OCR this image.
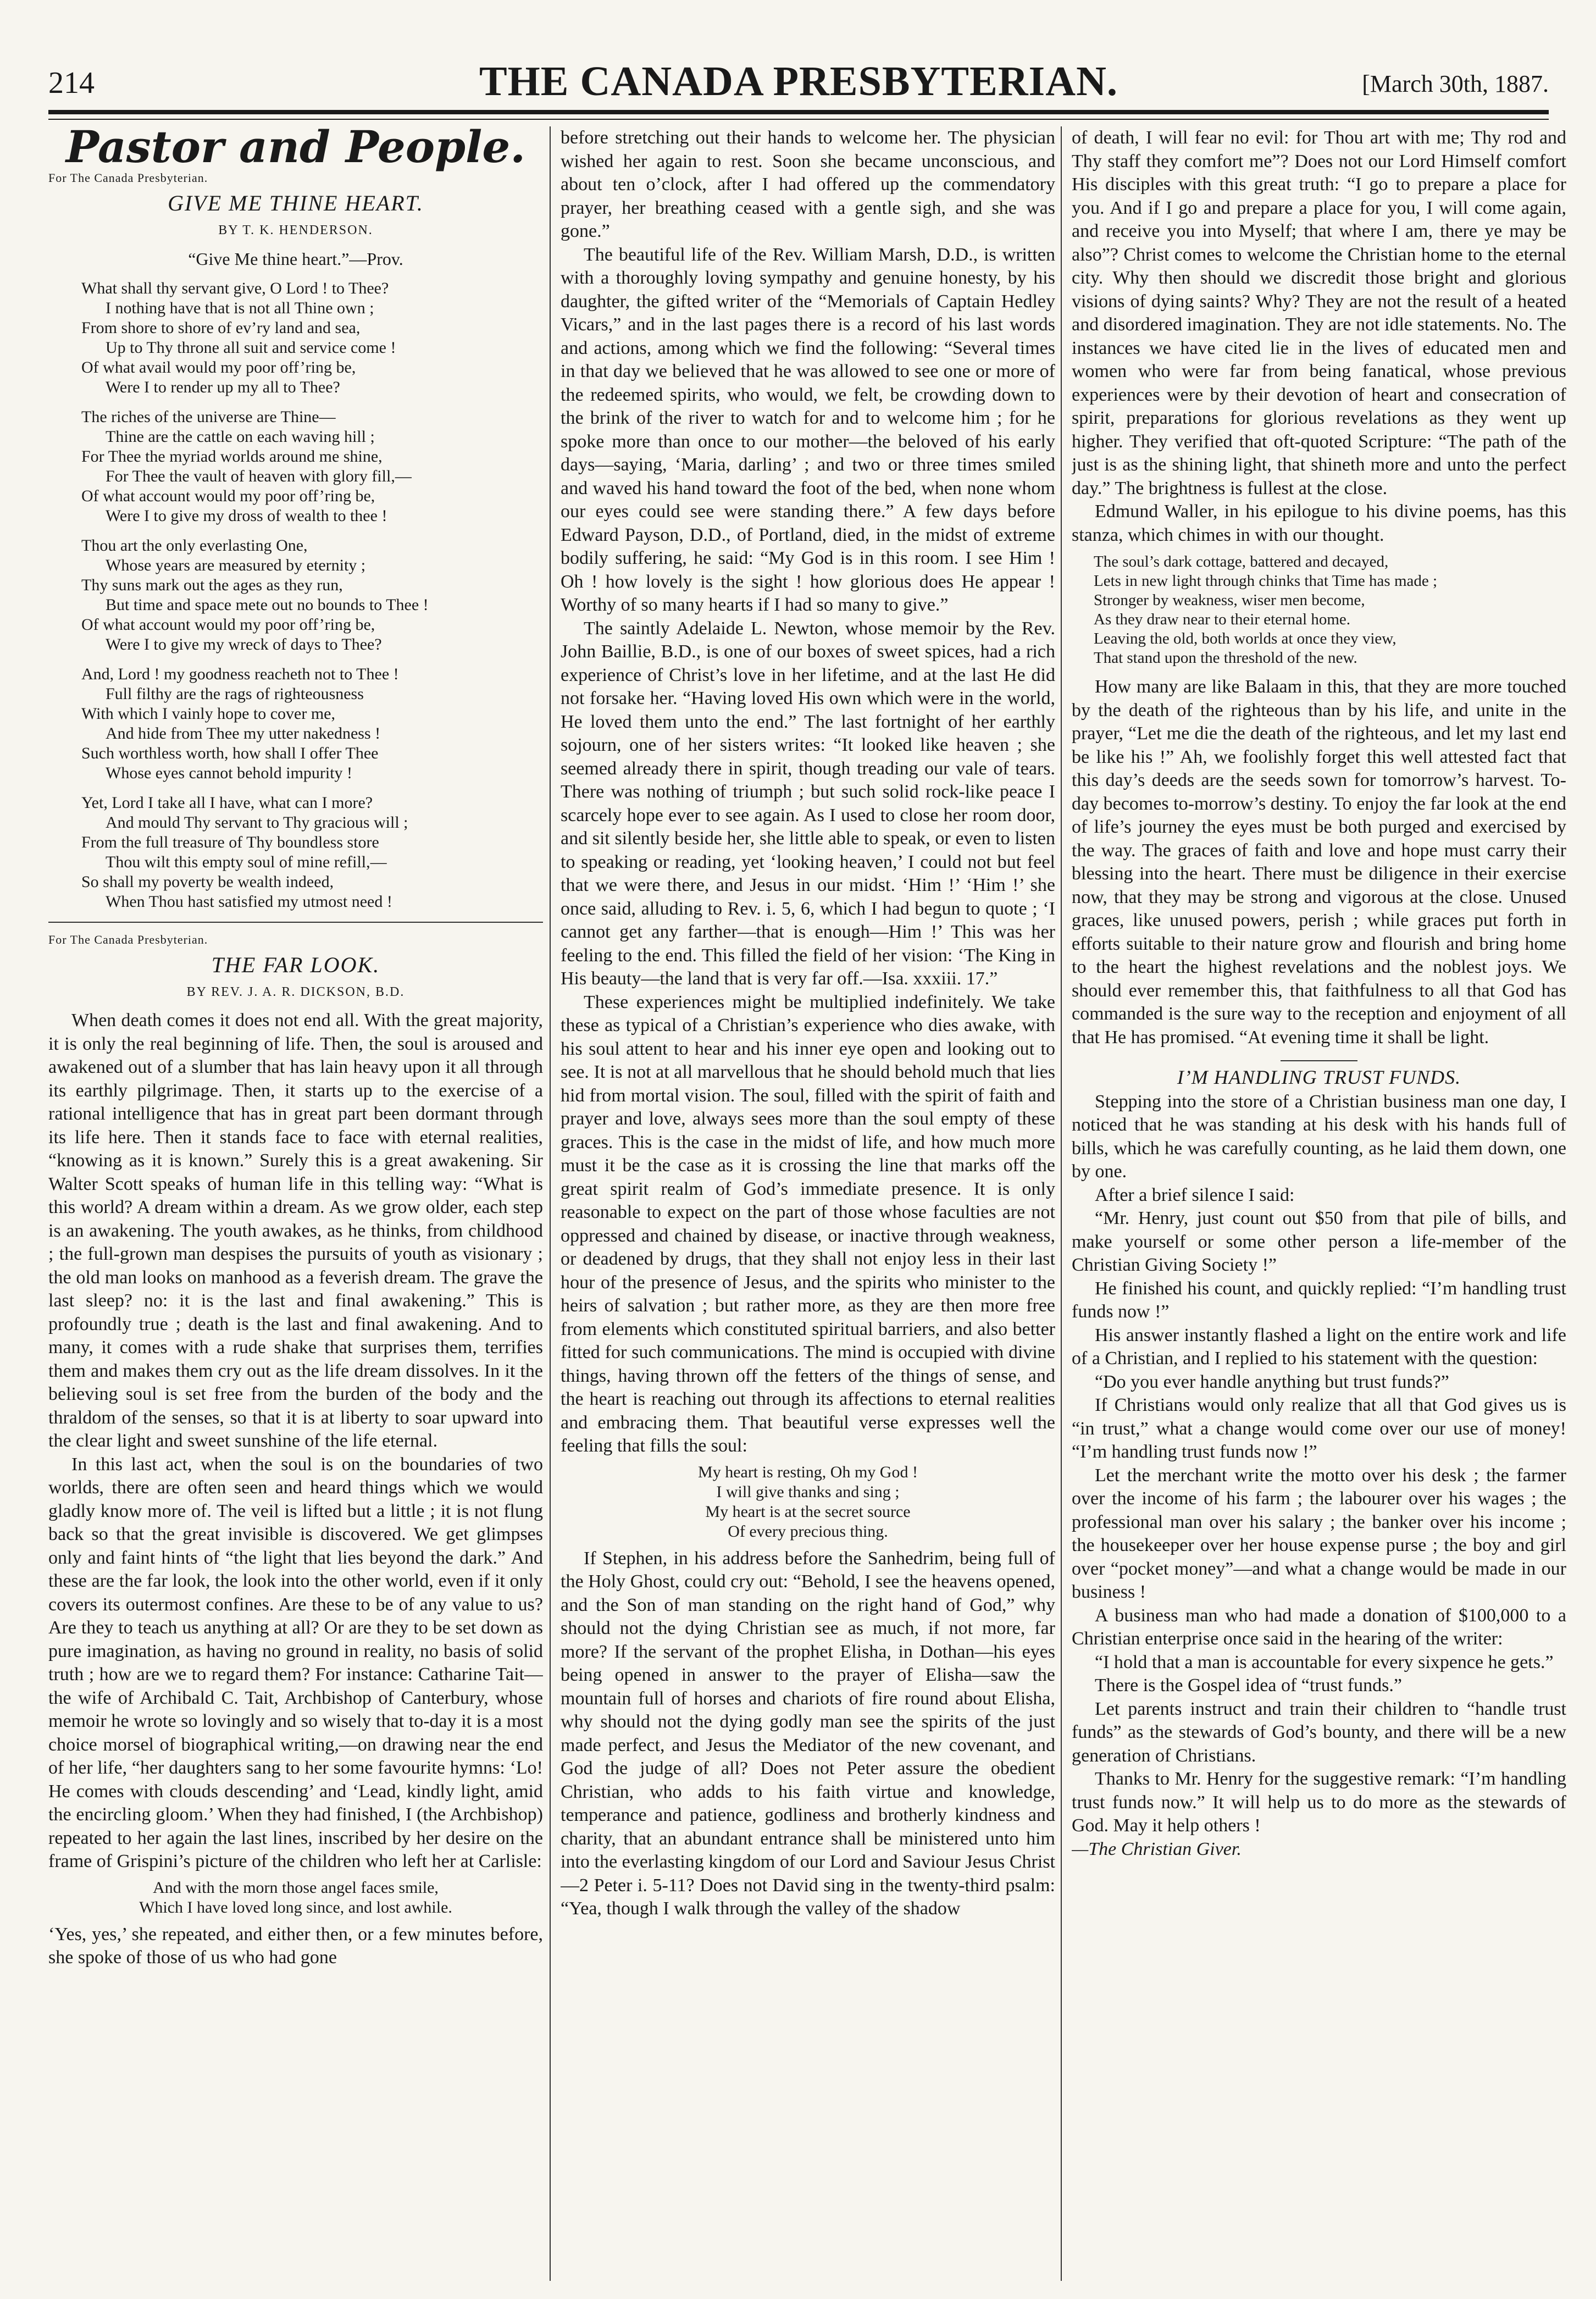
214	THE CANADA PRESBYTERIAN.	[March 30th, 1887.
Pastor and People.
For The Canada Presbyterian.
GIVE ME THINE HEART.
BY T. K. HENDERSON.
“Give Me thine heart.”—Prov.
What shall thy servant give, O Lord ! to Thee?
I nothing have that is not all Thine own ;
From shore to shore of ev’ry land and sea,
Up to Thy throne all suit and service come !
Of what avail would my poor off’ring be,
Were I to render up my all to Thee?
The riches of the universe are Thine—
Thine are the cattle on each waving hill ;
For Thee the myriad worlds around me shine,
For Thee the vault of heaven with glory fill,—
Of what account would my poor off’ring be,
Were I to give my dross of wealth to thee !
Thou art the only everlasting One,
Whose years are measured by eternity ;
Thy suns mark out the ages as they run,
But time and space mete out no bounds to Thee !
Of what account would my poor off’ring be,
Were I to give my wreck of days to Thee?
And, Lord ! my goodness reacheth not to Thee !
Full filthy are the rags of righteousness
With which I vainly hope to cover me,
And hide from Thee my utter nakedness !
Such worthless worth, how shall I offer Thee
Whose eyes cannot behold impurity !
Yet, Lord I take all I have, what can I more?
And mould Thy servant to Thy gracious will ;
From the full treasure of Thy boundless store
Thou wilt this empty soul of mine refill,—
So shall my poverty be wealth indeed,
When Thou hast satisfied my utmost need !
For The Canada Presbyterian.
THE FAR LOOK.
BY REV. J. A. R. DICKSON, B.D.

When death comes it does not end all. With the great majority, it is only the real beginning of life. Then, the soul is aroused and awakened out of a slumber that has lain heavy upon it all through its earthly pilgrimage. Then, it starts up to the exercise of a rational intelligence that has in great part been dormant through its life here. Then it stands face to face with eternal realities, “knowing as it is known.” Surely this is a great awakening. Sir Walter Scott speaks of human life in this telling way: “What is this world? A dream within a dream. As we grow older, each step is an awakening. The youth awakes, as he thinks, from childhood ; the full-grown man despises the pursuits of youth as visionary ; the old man looks on manhood as a feverish dream. The grave the last sleep? no: it is the last and final awakening.” This is profoundly true ; death is the last and final awakening. And to many, it comes with a rude shake that surprises them, terrifies them and makes them cry out as the life dream dissolves. In it the believing soul is set free from the burden of the body and the thraldom of the senses, so that it is at liberty to soar upward into the clear light and sweet sunshine of the life eternal.

In this last act, when the soul is on the boundaries of two worlds, there are often seen and heard things which we would gladly know more of. The veil is lifted but a little ; it is not flung back so that the great invisible is discovered. We get glimpses only and faint hints of “the light that lies beyond the dark.” And these are the far look, the look into the other world, even if it only covers its outermost confines. Are these to be of any value to us? Are they to teach us anything at all? Or are they to be set down as pure imagination, as having no ground in reality, no basis of solid truth ; how are we to regard them? For instance: Catharine Tait—the wife of Archibald C. Tait, Archbishop of Canterbury, whose memoir he wrote so lovingly and so wisely that to-day it is a most choice morsel of biographical writing,—on drawing near the end of her life, “her daughters sang to her some favourite hymns: ‘Lo! He comes with clouds descending’ and ‘Lead, kindly light, amid the encircling gloom.’ When they had finished, I (the Archbishop) repeated to her again the last lines, inscribed by her desire on the frame of Grispini’s picture of the children who left her at Carlisle:

And with the morn those angel faces smile,
Which I have loved long since, and lost awhile.

‘Yes, yes,’ she repeated, and either then, or a few minutes before, she spoke of those of us who had gone

before stretching out their hands to welcome her. The physician wished her again to rest. Soon she became unconscious, and about ten o’clock, after I had offered up the commendatory prayer, her breathing ceased with a gentle sigh, and she was gone.”

The beautiful life of the Rev. William Marsh, D.D., is written with a thoroughly loving sympathy and genuine honesty, by his daughter, the gifted writer of the “Memorials of Captain Hedley Vicars,” and in the last pages there is a record of his last words and actions, among which we find the following: “Several times in that day we believed that he was allowed to see one or more of the redeemed spirits, who would, we felt, be crowding down to the brink of the river to watch for and to welcome him ; for he spoke more than once to our mother—the beloved of his early days—saying, ‘Maria, darling’ ; and two or three times smiled and waved his hand toward the foot of the bed, when none whom our eyes could see were standing there.” A few days before Edward Payson, D.D., of Portland, died, in the midst of extreme bodily suffering, he said: “My God is in this room. I see Him ! Oh ! how lovely is the sight ! how glorious does He appear ! Worthy of so many hearts if I had so many to give.”

The saintly Adelaide L. Newton, whose memoir by the Rev. John Baillie, B.D., is one of our boxes of sweet spices, had a rich experience of Christ’s love in her lifetime, and at the last He did not forsake her. “Having loved His own which were in the world, He loved them unto the end.” The last fortnight of her earthly sojourn, one of her sisters writes: “It looked like heaven ; she seemed already there in spirit, though treading our vale of tears. There was nothing of triumph ; but such solid rock-like peace I scarcely hope ever to see again. As I used to close her room door, and sit silently beside her, she little able to speak, or even to listen to speaking or reading, yet ‘looking heaven,’ I could not but feel that we were there, and Jesus in our midst. ‘Him !’ ‘Him !’ she once said, alluding to Rev. i. 5, 6, which I had begun to quote ; ‘I cannot get any farther—that is enough—Him !’ This was her feeling to the end. This filled the field of her vision: ‘The King in His beauty—the land that is very far off.—Isa. xxxiii. 17.”

These experiences might be multiplied indefinitely. We take these as typical of a Christian’s experience who dies awake, with his soul attent to hear and his inner eye open and looking out to see. It is not at all marvellous that he should behold much that lies hid from mortal vision. The soul, filled with the spirit of faith and prayer and love, always sees more than the soul empty of these graces. This is the case in the midst of life, and how much more must it be the case as it is crossing the line that marks off the great spirit realm of God’s immediate presence. It is only reasonable to expect on the part of those whose faculties are not oppressed and chained by disease, or inactive through weakness, or deadened by drugs, that they shall not enjoy less in their last hour of the presence of Jesus, and the spirits who minister to the heirs of salvation ; but rather more, as they are then more free from elements which constituted spiritual barriers, and also better fitted for such communications. The mind is occupied with divine things, having thrown off the fetters of the things of sense, and the heart is reaching out through its affections to eternal realities and embracing them. That beautiful verse expresses well the feeling that fills the soul:

My heart is resting, Oh my God !
I will give thanks and sing ;
My heart is at the secret source
Of every precious thing.

If Stephen, in his address before the Sanhedrim, being full of the Holy Ghost, could cry out: “Behold, I see the heavens opened, and the Son of man standing on the right hand of God,” why should not the dying Christian see as much, if not more, far more? If the servant of the prophet Elisha, in Dothan—his eyes being opened in answer to the prayer of Elisha—saw the mountain full of horses and chariots of fire round about Elisha, why should not the dying godly man see the spirits of the just made perfect, and Jesus the Mediator of the new covenant, and God the judge of all? Does not Peter assure the obedient Christian, who adds to his faith virtue and knowledge, temperance and patience, godliness and brotherly kindness and charity, that an abundant entrance shall be ministered unto him into the everlasting kingdom of our Lord and Saviour Jesus Christ—2 Peter i. 5-11? Does not David sing in the twenty-third psalm: “Yea, though I walk through the valley of the shadow

of death, I will fear no evil: for Thou art with me; Thy rod and Thy staff they comfort me”? Does not our Lord Himself comfort His disciples with this great truth: “I go to prepare a place for you. And if I go and prepare a place for you, I will come again, and receive you into Myself; that where I am, there ye may be also”? Christ comes to welcome the Christian home to the eternal city. Why then should we discredit those bright and glorious visions of dying saints? Why? They are not the result of a heated and disordered imagination. They are not idle statements. No. The instances we have cited lie in the lives of educated men and women who were far from being fanatical, whose previous experiences were by their devotion of heart and consecration of spirit, preparations for glorious revelations as they went up higher. They verified that oft-quoted Scripture: “The path of the just is as the shining light, that shineth more and unto the perfect day.” The brightness is fullest at the close.

Edmund Waller, in his epilogue to his divine poems, has this stanza, which chimes in with our thought.

The soul’s dark cottage, battered and decayed,
Lets in new light through chinks that Time has made ;
Stronger by weakness, wiser men become,
As they draw near to their eternal home.
Leaving the old, both worlds at once they view,
That stand upon the threshold of the new.

How many are like Balaam in this, that they are more touched by the death of the righteous than by his life, and unite in the prayer, “Let me die the death of the righteous, and let my last end be like his !” Ah, we foolishly forget this well attested fact that this day’s deeds are the seeds sown for tomorrow’s harvest. To-day becomes to-morrow’s destiny. To enjoy the far look at the end of life’s journey the eyes must be both purged and exercised by the way. The graces of faith and love and hope must carry their blessing into the heart. There must be diligence in their exercise now, that they may be strong and vigorous at the close. Unused graces, like unused powers, perish ; while graces put forth in efforts suitable to their nature grow and flourish and bring home to the heart the highest revelations and the noblest joys. We should ever remember this, that faithfulness to all that God has commanded is the sure way to the reception and enjoyment of all that He has promised. “At evening time it shall be light.

I’M HANDLING TRUST FUNDS.

Stepping into the store of a Christian business man one day, I noticed that he was standing at his desk with his hands full of bills, which he was carefully counting, as he laid them down, one by one.

After a brief silence I said:

“Mr. Henry, just count out $50 from that pile of bills, and make yourself or some other person a life-member of the Christian Giving Society !”

He finished his count, and quickly replied: “I’m handling trust funds now !”

His answer instantly flashed a light on the entire work and life of a Christian, and I replied to his statement with the question:

“Do you ever handle anything but trust funds?”

If Christians would only realize that all that God gives us is “in trust,” what a change would come over our use of money! “I’m handling trust funds now !”

Let the merchant write the motto over his desk ; the farmer over the income of his farm ; the labourer over his wages ; the professional man over his salary ; the banker over his income ; the housekeeper over her house expense purse ; the boy and girl over “pocket money”—and what a change would be made in our business !

A business man who had made a donation of $100,000 to a Christian enterprise once said in the hearing of the writer:

“I hold that a man is accountable for every sixpence he gets.”

There is the Gospel idea of “trust funds.”

Let parents instruct and train their children to “handle trust funds” as the stewards of God’s bounty, and there will be a new generation of Christians.

Thanks to Mr. Henry for the suggestive remark: “I’m handling trust funds now.” It will help us to do more as the stewards of God. May it help others !

—The Christian Giver.
